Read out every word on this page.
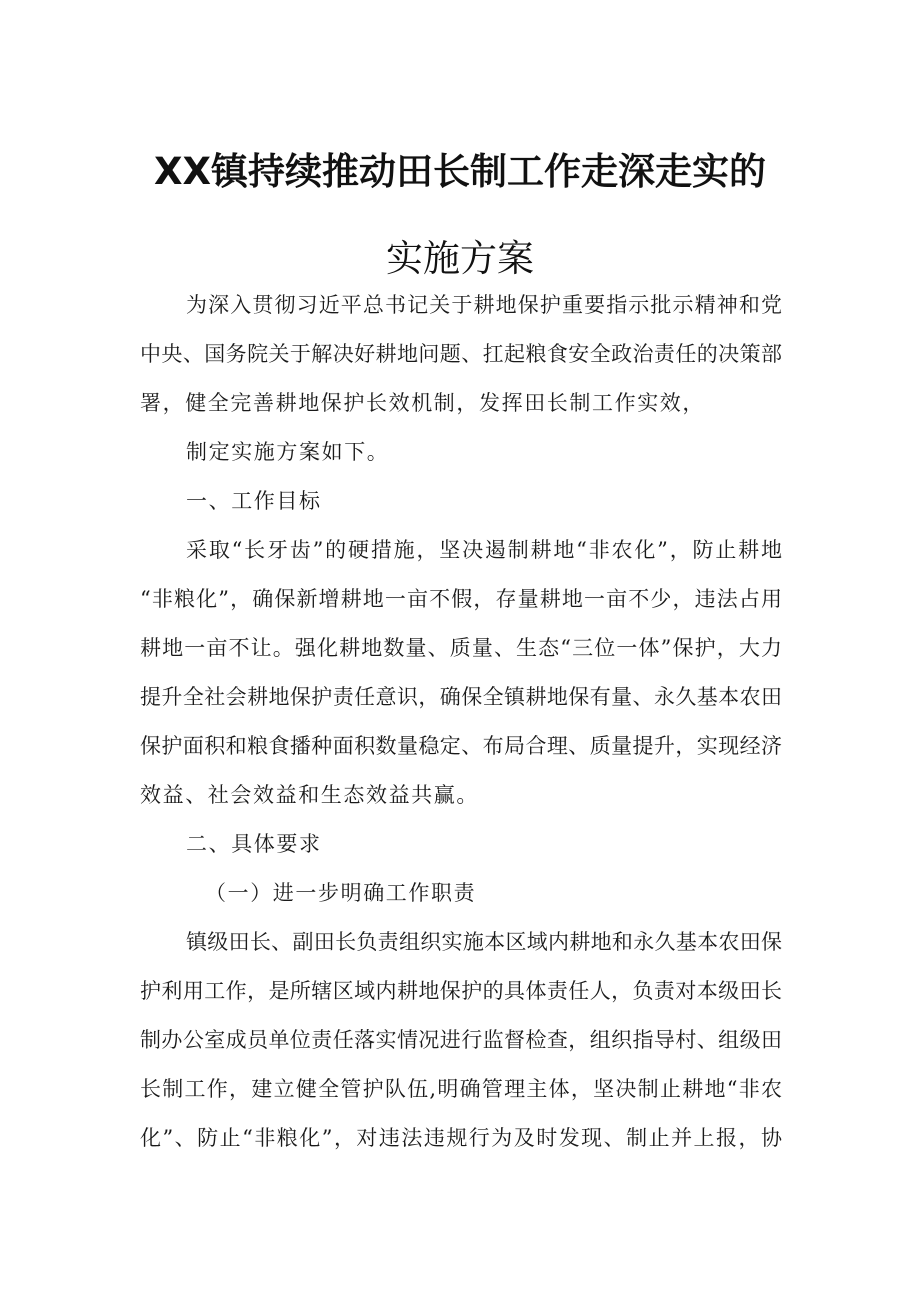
XX镇持续推动田长制工作走深走实的
实施方案
为深入贯彻习近平总书记关于耕地保护重要指示批示精神和党
中央、国务院关于解决好耕地问题、扛起粮食安全政治责任的决策部
署，健全完善耕地保护长效机制，发挥田长制工作实效，
制定实施方案如下。
一、工作目标
采取“长牙齿”的硬措施，坚决遏制耕地“非农化”，防止耕地
“非粮化”，确保新增耕地一亩不假，存量耕地一亩不少，违法占用
耕地一亩不让。强化耕地数量、质量、生态“三位一体”保护，大力
提升全社会耕地保护责任意识，确保全镇耕地保有量、永久基本农田
保护面积和粮食播种面积数量稳定、布局合理、质量提升，实现经济
效益、社会效益和生态效益共赢。
二、具体要求
（一）进一步明确工作职责
镇级田长、副田长负责组织实施本区域内耕地和永久基本农田保
护利用工作，是所辖区域内耕地保护的具体责任人，负责对本级田长
制办公室成员单位责任落实情况进行监督检查，组织指导村、组级田
长制工作，建立健全管护队伍,明确管理主体，坚决制止耕地“非农
化”、防止“非粮化”，对违法违规行为及时发现、制止并上报，协
